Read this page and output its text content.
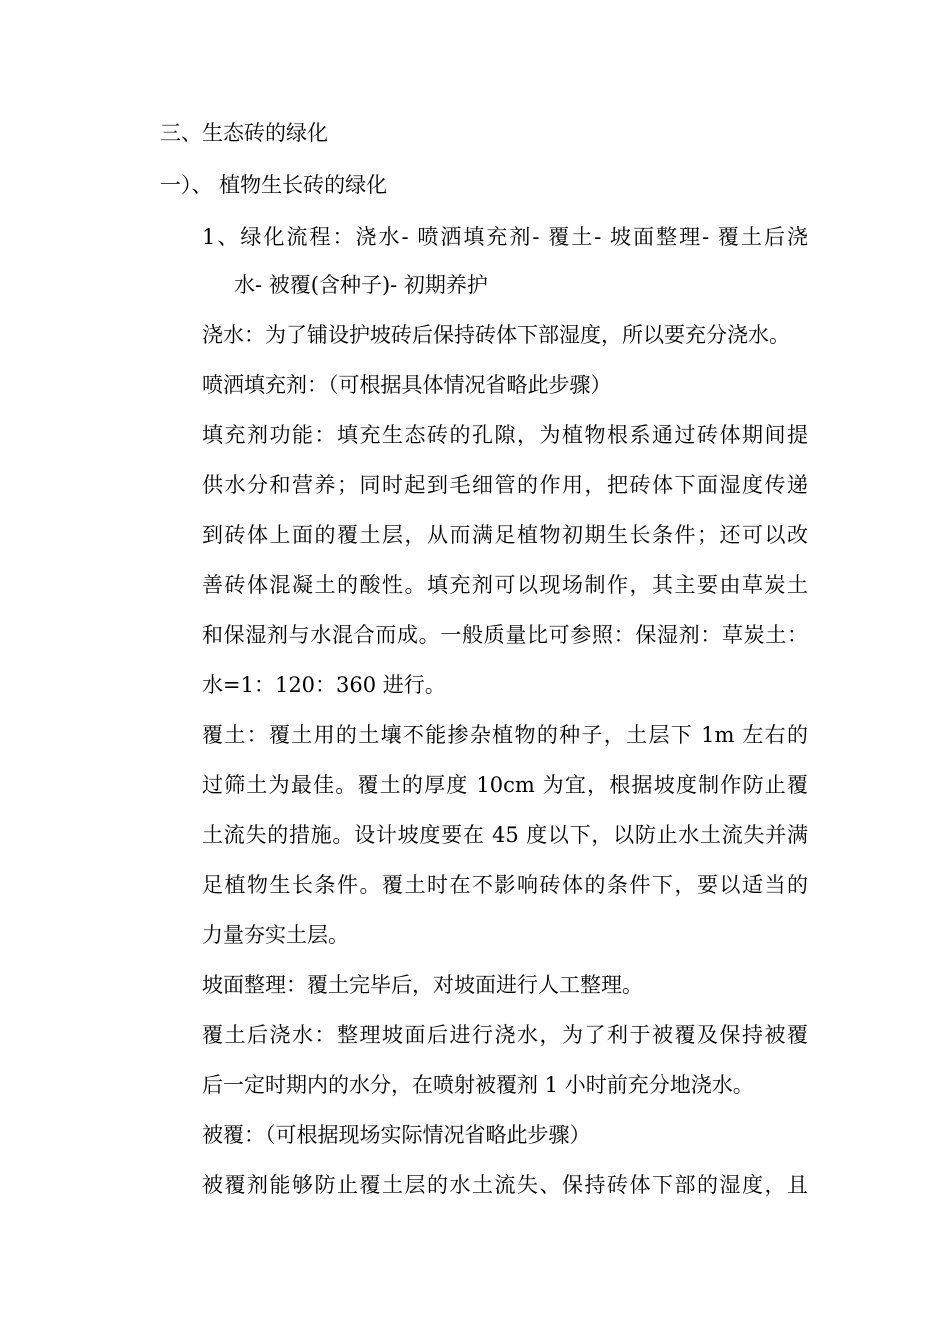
三、生态砖的绿化

一）、 植物生长砖的绿化

1、绿化流程：浇水- 喷洒填充剂- 覆土- 坡面整理- 覆土后浇

水- 被覆(含种子)- 初期养护

浇水：为了铺设护坡砖后保持砖体下部湿度，所以要充分浇水。

喷洒填充剂：（可根据具体情况省略此步骤）

填充剂功能：填充生态砖的孔隙，为植物根系通过砖体期间提

供水分和营养；同时起到毛细管的作用，把砖体下面湿度传递

到砖体上面的覆土层，从而满足植物初期生长条件；还可以改

善砖体混凝土的酸性。填充剂可以现场制作，其主要由草炭土

和保湿剂与水混合而成。一般质量比可参照：保湿剂：草炭土：

水=1：120：360 进行。

覆土：覆土用的土壤不能掺杂植物的种子，土层下 1m 左右的

过筛土为最佳。覆土的厚度 10cm 为宜，根据坡度制作防止覆

土流失的措施。设计坡度要在 45 度以下，以防止水土流失并满

足植物生长条件。覆土时在不影响砖体的条件下，要以适当的

力量夯实土层。

坡面整理：覆土完毕后，对坡面进行人工整理。

覆土后浇水：整理坡面后进行浇水，为了利于被覆及保持被覆

后一定时期内的水分，在喷射被覆剂 1 小时前充分地浇水。

被覆：（可根据现场实际情况省略此步骤）

被覆剂能够防止覆土层的水土流失、保持砖体下部的湿度，且
